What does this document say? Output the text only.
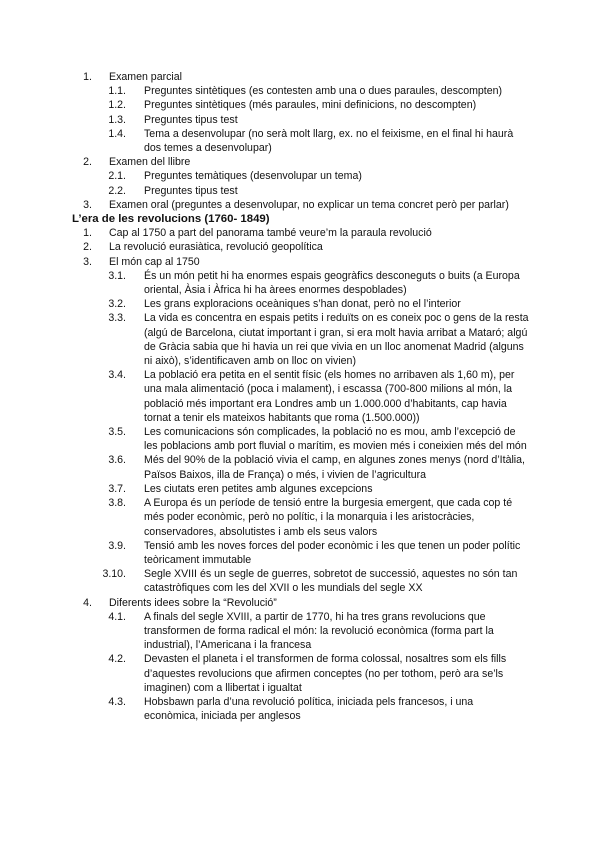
1. Examen parcial
1.1. Preguntes sintètiques (es contesten amb una o dues paraules, descompten)
1.2. Preguntes sintètiques (més paraules, mini definicions, no descompten)
1.3. Preguntes tipus test
1.4. Tema a desenvolupar (no serà molt llarg, ex. no el feixisme, en el final hi haurà dos temes a desenvolupar)
2. Examen del llibre
2.1. Preguntes temàtiques (desenvolupar un tema)
2.2. Preguntes tipus test
3. Examen oral (preguntes a desenvolupar, no explicar un tema concret però per parlar)
L’era de les revolucions (1760- 1849)
1. Cap al 1750 a part del panorama també veure’m la paraula revolució
2. La revolució eurasiàtica, revolució geopolítica
3. El món cap al 1750
3.1. És un món petit hi ha enormes espais geogràfics desconeguts o buits (a Europa oriental, Àsia i Àfrica hi ha àrees enormes despoblades)
3.2. Les grans exploracions oceàniques s’han donat, però no el l’interior
3.3. La vida es concentra en espais petits i reduïts on es coneix poc o gens de la resta (algú de Barcelona, ciutat important i gran, si era molt havia arribat a Mataró; algú de Gràcia sabia que hi havia un rei que vivia en un lloc anomenat Madrid (alguns ni això), s’identificaven amb on lloc on vivien)
3.4. La població era petita en el sentit físic (els homes no arribaven als 1,60 m), per una mala alimentació (poca i malament), i escassa (700-800 milions al món, la població més important era Londres amb un 1.000.000 d’habitants, cap havia tornat a tenir els mateixos habitants que roma (1.500.000))
3.5. Les comunicacions són complicades, la població no es mou, amb l’excepció de les poblacions amb port fluvial o marítim, es movien més i coneixien més del món
3.6. Més del 90% de la població vivia el camp, en algunes zones menys (nord d’Itàlia, Països Baixos, illa de França) o més, i vivien de l’agricultura
3.7. Les ciutats eren petites amb algunes excepcions
3.8. A Europa és un període de tensió entre la burgesia emergent, que cada cop té més poder econòmic, però no polític, i la monarquia i les aristocràcies, conservadores, absolutistes i amb els seus valors
3.9. Tensió amb les noves forces del poder econòmic i les que tenen un poder polític teòricament immutable
3.10. Segle XVIII és un segle de guerres, sobretot de successió, aquestes no són tan catastròfiques com les del XVII o les mundials del segle XX
4. Diferents idees sobre la “Revolució”
4.1. A finals del segle XVIII, a partir de 1770, hi ha tres grans revolucions que transformen de forma radical el món: la revolució econòmica (forma part la industrial), l’Americana i la francesa
4.2. Devasten el planeta i el transformen de forma colossal, nosaltres som els fills d’aquestes revolucions que afirmen conceptes (no per tothom, però ara se’ls imaginen) com a llibertat i igualtat
4.3. Hobsbawn parla d’una revolució política, iniciada pels francesos, i una econòmica, iniciada per anglesos
